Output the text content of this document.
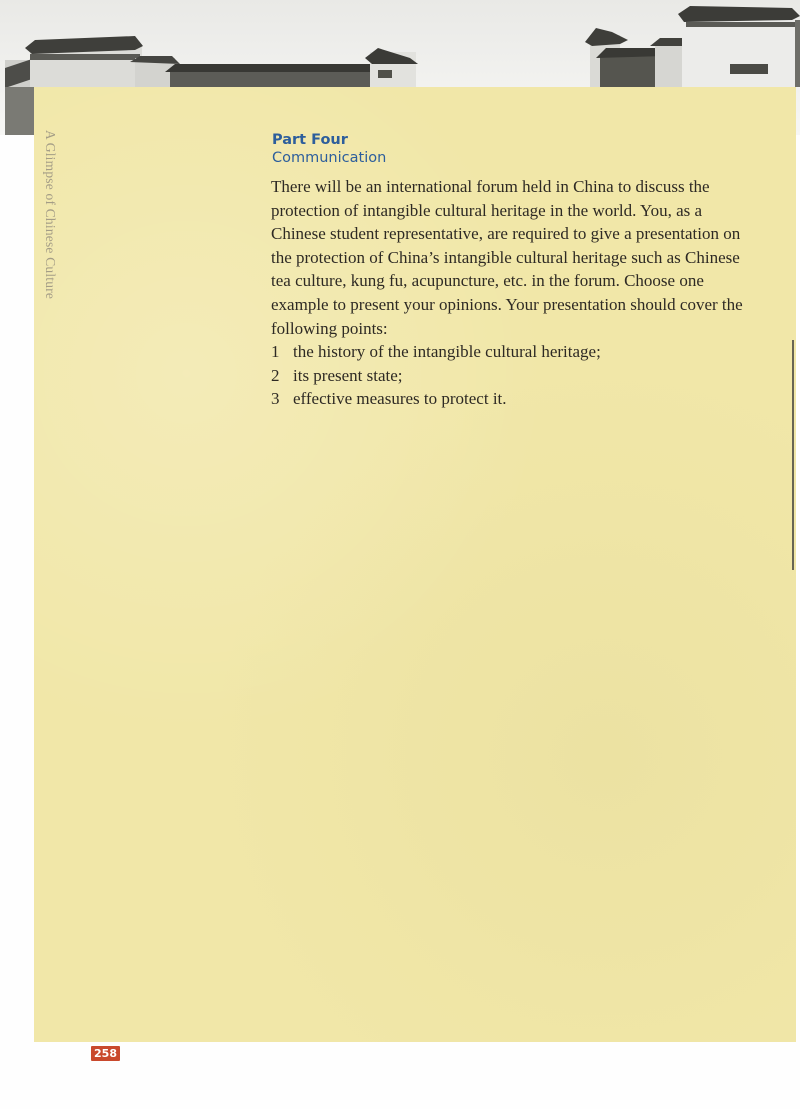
A Glimpse of Chinese Culture	Part Four
Communication

There will be an international forum held in China to discuss the protection of intangible cultural heritage in the world. You, as a Chinese student representative, are required to give a presentation on the protection of China’s intangible cultural heritage such as Chinese tea culture, kung fu, acupuncture, etc. in the forum. Choose one example to present your opinions. Your presentation should cover the following points:

1 the history of the intangible cultural heritage;
2 its present state;
3 effective measures to protect it.
258
